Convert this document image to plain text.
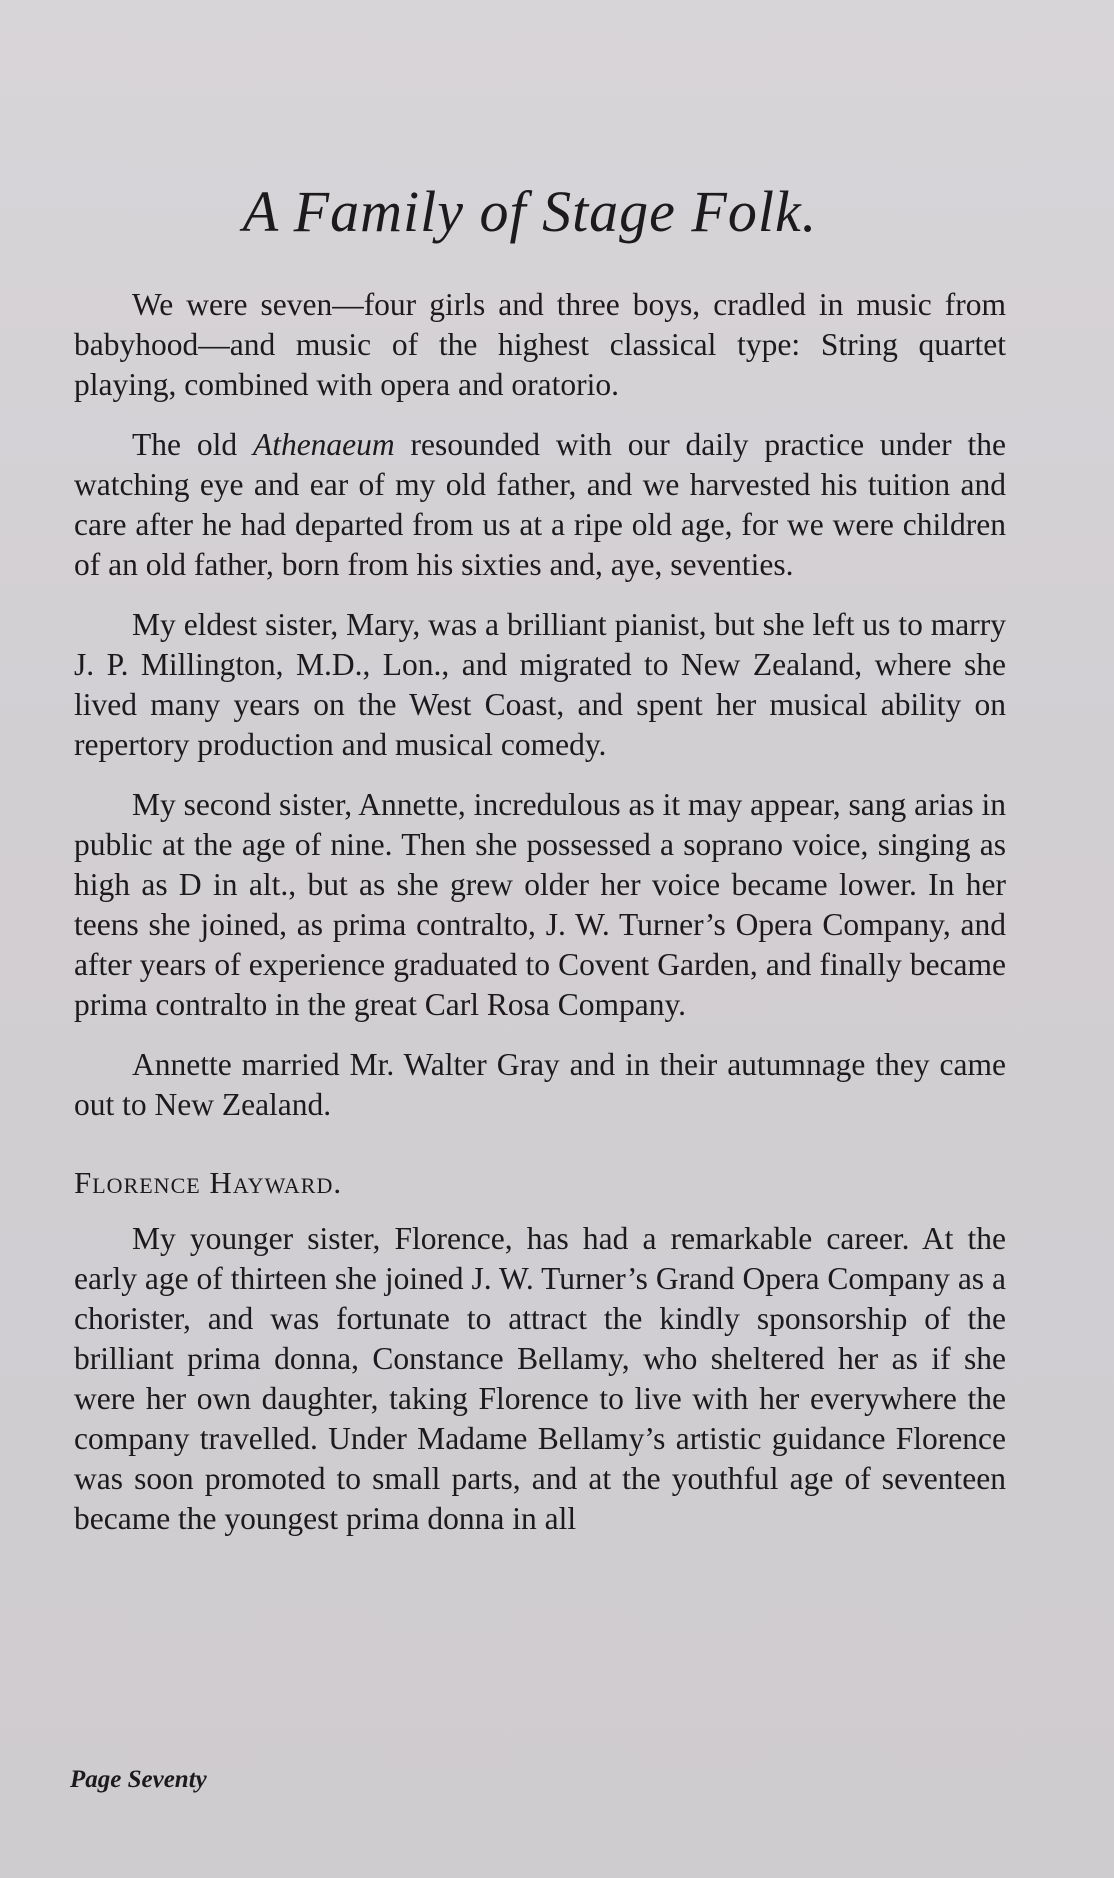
A Family of Stage Folk.

We were seven—four girls and three boys, cradled in music from babyhood—and music of the highest classical type: String quartet playing, combined with opera and oratorio.

The old Athenaeum resounded with our daily practice under the watching eye and ear of my old father, and we harvested his tuition and care after he had departed from us at a ripe old age, for we were children of an old father, born from his sixties and, aye, seventies.

My eldest sister, Mary, was a brilliant pianist, but she left us to marry J. P. Millington, M.D., Lon., and migrated to New Zealand, where she lived many years on the West Coast, and spent her musical ability on repertory production and musical comedy.

My second sister, Annette, incredulous as it may appear, sang arias in public at the age of nine. Then she possessed a soprano voice, singing as high as D in alt., but as she grew older her voice became lower. In her teens she joined, as prima contralto, J. W. Turner’s Opera Company, and after years of experience graduated to Covent Garden, and finally became prima contralto in the great Carl Rosa Company.

Annette married Mr. Walter Gray and in their autumnage they came out to New Zealand.

Florence Hayward.

My younger sister, Florence, has had a remarkable career. At the early age of thirteen she joined J. W. Turner’s Grand Opera Company as a chorister, and was fortunate to attract the kindly sponsorship of the brilliant prima donna, Constance Bellamy, who sheltered her as if she were her own daughter, taking Florence to live with her everywhere the company travelled. Under Madame Bellamy’s artistic guidance Florence was soon promoted to small parts, and at the youthful age of seventeen became the youngest prima donna in all

Page Seventy
